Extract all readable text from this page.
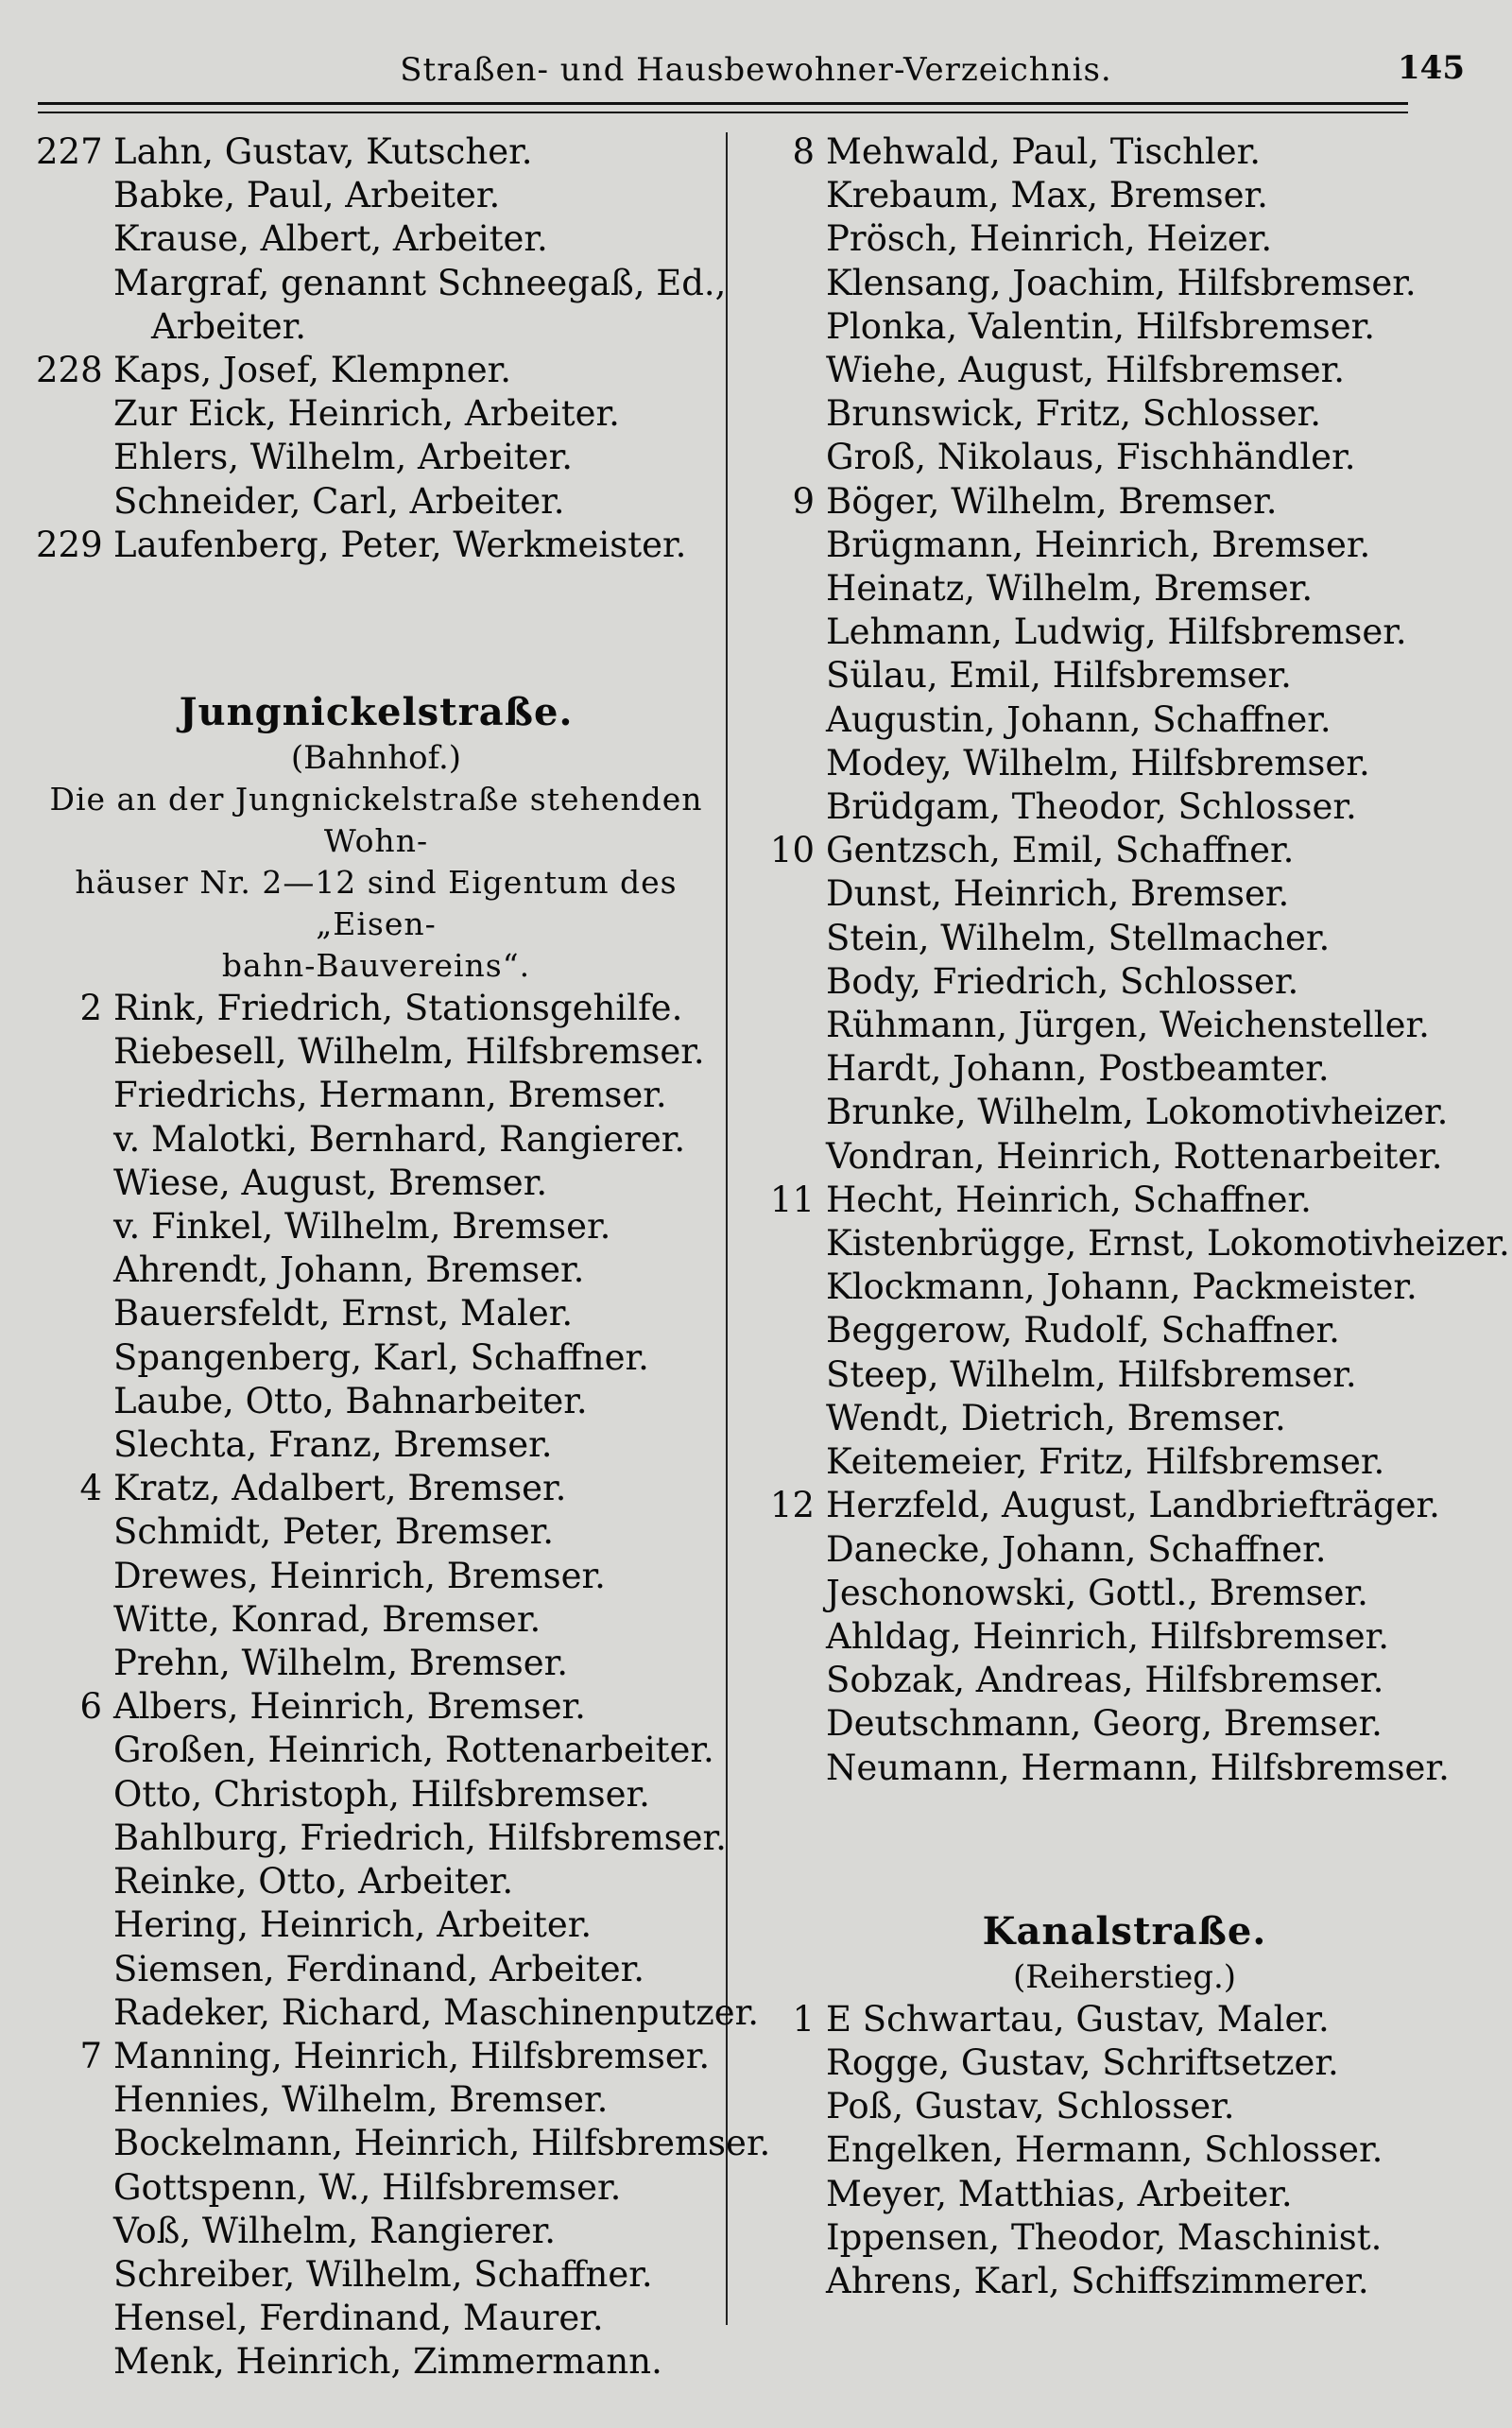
Straßen- und Hausbewohner-Verzeichnis.	145
227 Lahn, Gustav, Kutscher.
Babke, Paul, Arbeiter.
Krause, Albert, Arbeiter.
Margraf, genannt Schneegaß, Ed.,
Arbeiter.
228 Kaps, Josef, Klempner.
Zur Eick, Heinrich, Arbeiter.
Ehlers, Wilhelm, Arbeiter.
Schneider, Carl, Arbeiter.
229 Laufenberg, Peter, Werkmeister.
Jungnickelstraße.
(Bahnhof.)
Die an der Jungnickelstraße stehenden Wohn-
häuser Nr. 2—12 sind Eigentum des „Eisen-
bahn-Bauvereins“.
2 Rink, Friedrich, Stationsgehilfe.
Riebesell, Wilhelm, Hilfsbremser.
Friedrichs, Hermann, Bremser.
v. Malotki, Bernhard, Rangierer.
Wiese, August, Bremser.
v. Finkel, Wilhelm, Bremser.
Ahrendt, Johann, Bremser.
Bauersfeldt, Ernst, Maler.
Spangenberg, Karl, Schaffner.
Laube, Otto, Bahnarbeiter.
Slechta, Franz, Bremser.
4 Kratz, Adalbert, Bremser.
Schmidt, Peter, Bremser.
Drewes, Heinrich, Bremser.
Witte, Konrad, Bremser.
Prehn, Wilhelm, Bremser.
6 Albers, Heinrich, Bremser.
Großen, Heinrich, Rottenarbeiter.
Otto, Christoph, Hilfsbremser.
Bahlburg, Friedrich, Hilfsbremser.
Reinke, Otto, Arbeiter.
Hering, Heinrich, Arbeiter.
Siemsen, Ferdinand, Arbeiter.
Radeker, Richard, Maschinenputzer.
7 Manning, Heinrich, Hilfsbremser.
Hennies, Wilhelm, Bremser.
Bockelmann, Heinrich, Hilfsbremser.
Gottspenn, W., Hilfsbremser.
Voß, Wilhelm, Rangierer.
Schreiber, Wilhelm, Schaffner.
Hensel, Ferdinand, Maurer.
Menk, Heinrich, Zimmermann.
8 Mehwald, Paul, Tischler.
Krebaum, Max, Bremser.
Prösch, Heinrich, Heizer.
Klensang, Joachim, Hilfsbremser.
Plonka, Valentin, Hilfsbremser.
Wiehe, August, Hilfsbremser.
Brunswick, Fritz, Schlosser.
Groß, Nikolaus, Fischhändler.
9 Böger, Wilhelm, Bremser.
Brügmann, Heinrich, Bremser.
Heinatz, Wilhelm, Bremser.
Lehmann, Ludwig, Hilfsbremser.
Sülau, Emil, Hilfsbremser.
Augustin, Johann, Schaffner.
Modey, Wilhelm, Hilfsbremser.
Brüdgam, Theodor, Schlosser.
10 Gentzsch, Emil, Schaffner.
Dunst, Heinrich, Bremser.
Stein, Wilhelm, Stellmacher.
Body, Friedrich, Schlosser.
Rühmann, Jürgen, Weichensteller.
Hardt, Johann, Postbeamter.
Brunke, Wilhelm, Lokomotivheizer.
Vondran, Heinrich, Rottenarbeiter.
11 Hecht, Heinrich, Schaffner.
Kistenbrügge, Ernst, Lokomotivheizer.
Klockmann, Johann, Packmeister.
Beggerow, Rudolf, Schaffner.
Steep, Wilhelm, Hilfsbremser.
Wendt, Dietrich, Bremser.
Keitemeier, Fritz, Hilfsbremser.
12 Herzfeld, August, Landbriefträger.
Danecke, Johann, Schaffner.
Jeschonowski, Gottl., Bremser.
Ahldag, Heinrich, Hilfsbremser.
Sobzak, Andreas, Hilfsbremser.
Deutschmann, Georg, Bremser.
Neumann, Hermann, Hilfsbremser.
Kanalstraße.
(Reiherstieg.)
1 E Schwartau, Gustav, Maler.
Rogge, Gustav, Schriftsetzer.
Poß, Gustav, Schlosser.
Engelken, Hermann, Schlosser.
Meyer, Matthias, Arbeiter.
Ippensen, Theodor, Maschinist.
Ahrens, Karl, Schiffszimmerer.
